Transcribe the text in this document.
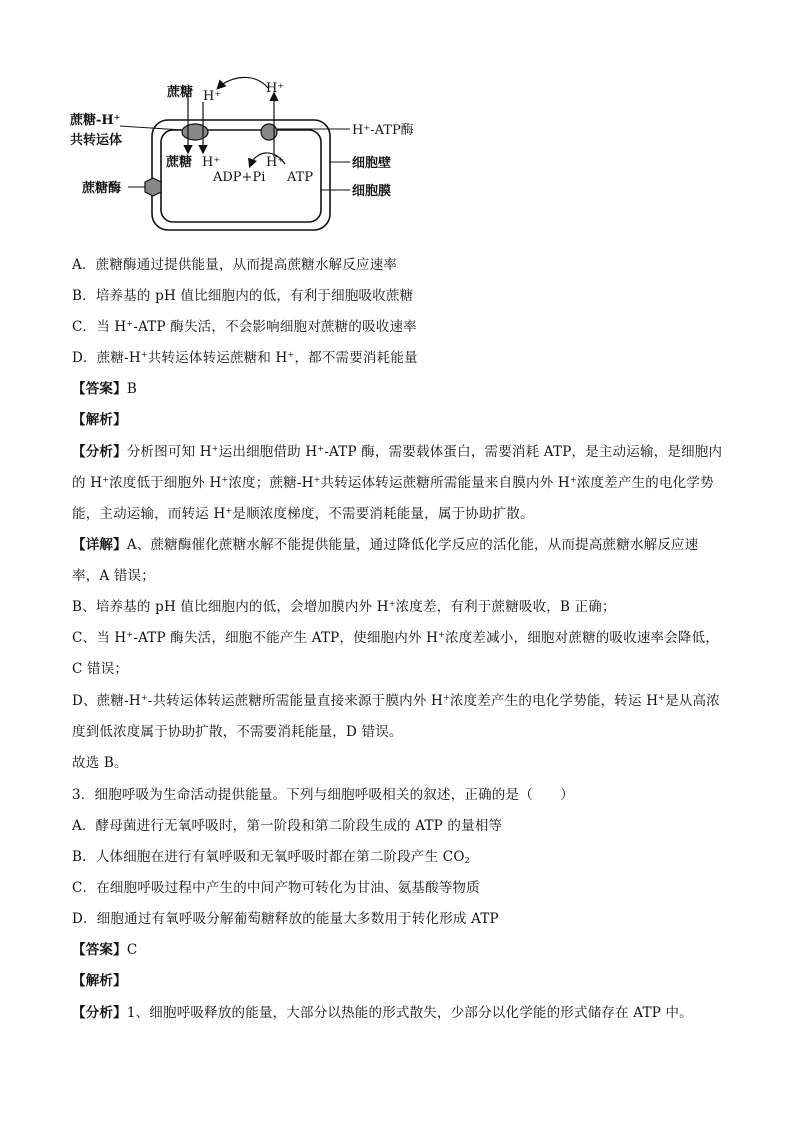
蔗糖 H⁺
H⁺
蔗糖-H⁺
共转运体
H⁺-ATP酶
细胞壁
细胞膜
蔗糖酶
蔗糖 H⁺	H⁺
ADP+Pi ATP
A．蔗糖酶通过提供能量，从而提高蔗糖水解反应速率
B．培养基的 pH 值比细胞内的低，有利于细胞吸收蔗糖
C．当 H+-ATP 酶失活，不会影响细胞对蔗糖的吸收速率
D．蔗糖-H+共转运体转运蔗糖和 H+，都不需要消耗能量
【答案】B
【解析】
【分析】分析图可知 H+运出细胞借助 H+-ATP 酶，需要载体蛋白，需要消耗 ATP，是主动运输，是细胞内
的 H+浓度低于细胞外 H+浓度；蔗糖-H+共转运体转运蔗糖所需能量来自膜内外 H+浓度差产生的电化学势
能，主动运输，而转运 H+是顺浓度梯度，不需要消耗能量，属于协助扩散。
【详解】A、蔗糖酶催化蔗糖水解不能提供能量，通过降低化学反应的活化能，从而提高蔗糖水解反应速
率，A 错误；
B、培养基的 pH 值比细胞内的低，会增加膜内外 H+浓度差，有利于蔗糖吸收，B 正确；
C、当 H+-ATP 酶失活，细胞不能产生 ATP，使细胞内外 H+浓度差减小，细胞对蔗糖的吸收速率会降低，
C 错误；
D、蔗糖-H+-共转运体转运蔗糖所需能量直接来源于膜内外 H+浓度差产生的电化学势能，转运 H+是从高浓
度到低浓度属于协助扩散，不需要消耗能量，D 错误。
故选 B。
3．细胞呼吸为生命活动提供能量。下列与细胞呼吸相关的叙述，正确的是（　　）
A．酵母菌进行无氧呼吸时，第一阶段和第二阶段生成的 ATP 的量相等
B．人体细胞在进行有氧呼吸和无氧呼吸时都在第二阶段产生 $CO_2$
C．在细胞呼吸过程中产生的中间产物可转化为甘油、氨基酸等物质
D．细胞通过有氧呼吸分解葡萄糖释放的能量大多数用于转化形成 ATP
【答案】C
【解析】
【分析】1、细胞呼吸释放的能量，大部分以热能的形式散失，少部分以化学能的形式储存在 ATP 中。
